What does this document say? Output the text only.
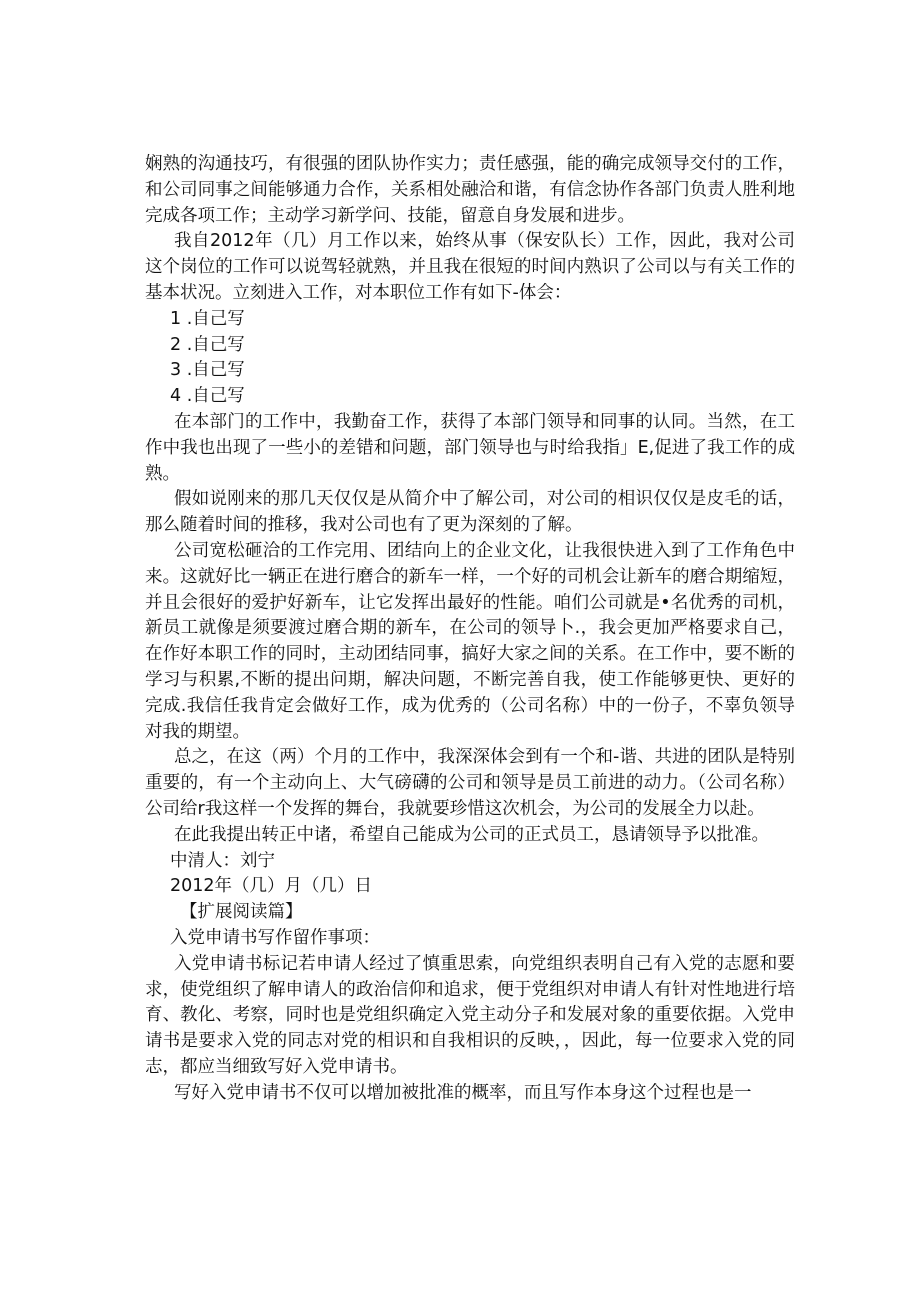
娴熟的沟通技巧，有很强的团队协作实力；责任感强，能的确完成领导交付的工作，和公司同事之间能够通力合作，关系相处融洽和谐，有信念协作各部门负责人胜利地完成各项工作；主动学习新学问、技能，留意自身发展和进步。

我自2012年（几）月工作以来，始终从事（保安队长）工作，因此，我对公司这个岗位的工作可以说驾轻就熟，并且我在很短的时间内熟识了公司以与有关工作的基本状况。立刻进入工作，对本职位工作有如下-体会：

1 .自己写

2 .自己写

3 .自己写

4 .自己写

在本部门的工作中，我勤奋工作，获得了本部门领导和同事的认同。当然，在工作中我也出现了一些小的差错和问题，部门领导也与时给我指」E,促进了我工作的成熟。

假如说刚来的那几天仅仅是从简介中了解公司，对公司的相识仅仅是皮毛的话，那么随着时间的推移，我对公司也有了更为深刻的了解。

公司宽松砸洽的工作完用、团结向上的企业文化，让我很快进入到了工作角色中来。这就好比一辆正在进行磨合的新车一样，一个好的司机会让新车的磨合期缩短，并且会很好的爱护好新车，让它发挥出最好的性能。咱们公司就是•名优秀的司机，新员工就像是须要渡过磨合期的新车，在公司的领导卜.，我会更加严格要求自己，在作好本职工作的同时，主动团结同事，搞好大家之间的关系。在工作中，要不断的学习与积累,不断的提出问期，解决问题，不断完善自我，使工作能够更快、更好的完成.我信任我肯定会做好工作，成为优秀的（公司名称）中的一份子，不辜负领导对我的期望。

总之，在这（两）个月的工作中，我深深体会到有一个和-谐、共进的团队是特别重要的，有一个主动向上、大气磅礴的公司和领导是员工前进的动力。（公司名称）公司给r我这样一个发挥的舞台，我就要珍惜这次机会，为公司的发展全力以赴。

在此我提出转正中诸，希望自己能成为公司的正式员工，恳请领导予以批准。

中清人：刘宁

2012年（几）月（几）日

【扩展阅读篇】

入党申请书写作留作事项：

入党申请书标记若申请人经过了慎重思索，向党组织表明自己有入党的志愿和要求，使党组织了解申请人的政治信仰和追求，便于党组织对申请人有针对性地进行培育、教化、考察，同时也是党组织确定入党主动分子和发展对象的重要依据。入党申请书是要求入党的同志对党的相识和自我相识的反映，，因此，每一位要求入党的同志，都应当细致写好入党申请书。

写好入党申请书不仅可以增加被批准的概率，而且写作本身这个过程也是一
